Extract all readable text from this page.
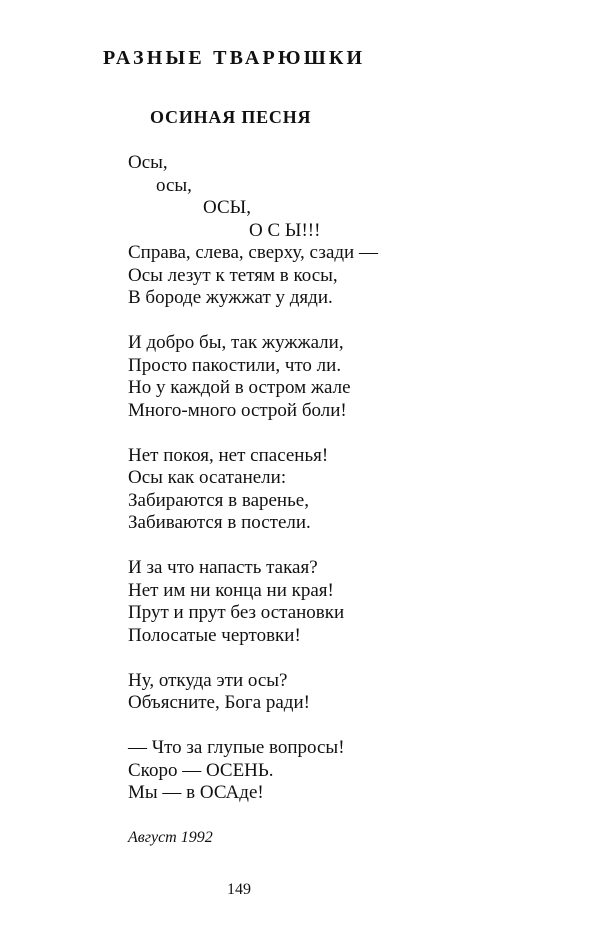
РАЗНЫЕ ТВАРЮШКИ
ОСИНАЯ ПЕСНЯ
Осы,
осы,
ОСЫ,
О С Ы!!!
Справа, слева, сверху, сзади —
Осы лезут к тетям в косы,
В бороде жужжат у дяди.
И добро бы, так жужжали,
Просто пакостили, что ли.
Но у каждой в остром жале
Много-много острой боли!
Нет покоя, нет спасенья!
Осы как осатанели:
Забираются в варенье,
Забиваются в постели.
И за что напасть такая?
Нет им ни конца ни края!
Прут и прут без остановки
Полосатые чертовки!
Ну, откуда эти осы?
Объясните, Бога ради!
— Что за глупые вопросы!
Скоро — ОСЕНЬ.
Мы — в ОСАде!
Август 1992
149
